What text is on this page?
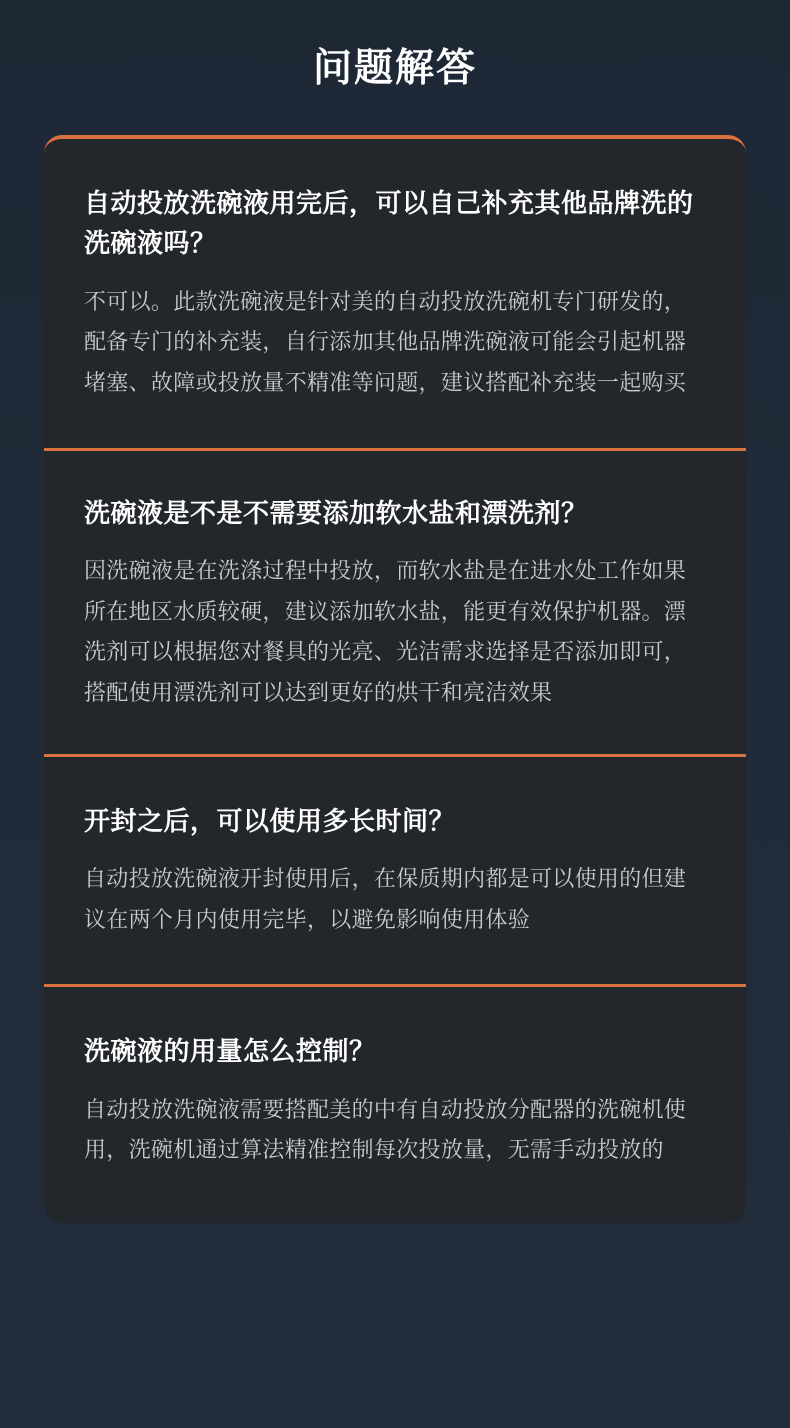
问题解答
自动投放洗碗液用完后，可以自己补充其他品牌洗的洗碗液吗？
不可以。此款洗碗液是针对美的自动投放洗碗机专门研发的，配备专门的补充装，自行添加其他品牌洗碗液可能会引起机器堵塞、故障或投放量不精准等问题，建议搭配补充装一起购买
洗碗液是不是不需要添加软水盐和漂洗剂？
因洗碗液是在洗涤过程中投放，而软水盐是在进水处工作如果所在地区水质较硬，建议添加软水盐，能更有效保护机器。漂洗剂可以根据您对餐具的光亮、光洁需求选择是否添加即可，搭配使用漂洗剂可以达到更好的烘干和亮洁效果
开封之后，可以使用多长时间？
自动投放洗碗液开封使用后，在保质期内都是可以使用的但建议在两个月内使用完毕，以避免影响使用体验
洗碗液的用量怎么控制？
自动投放洗碗液需要搭配美的中有自动投放分配器的洗碗机使用，洗碗机通过算法精准控制每次投放量，无需手动投放的
